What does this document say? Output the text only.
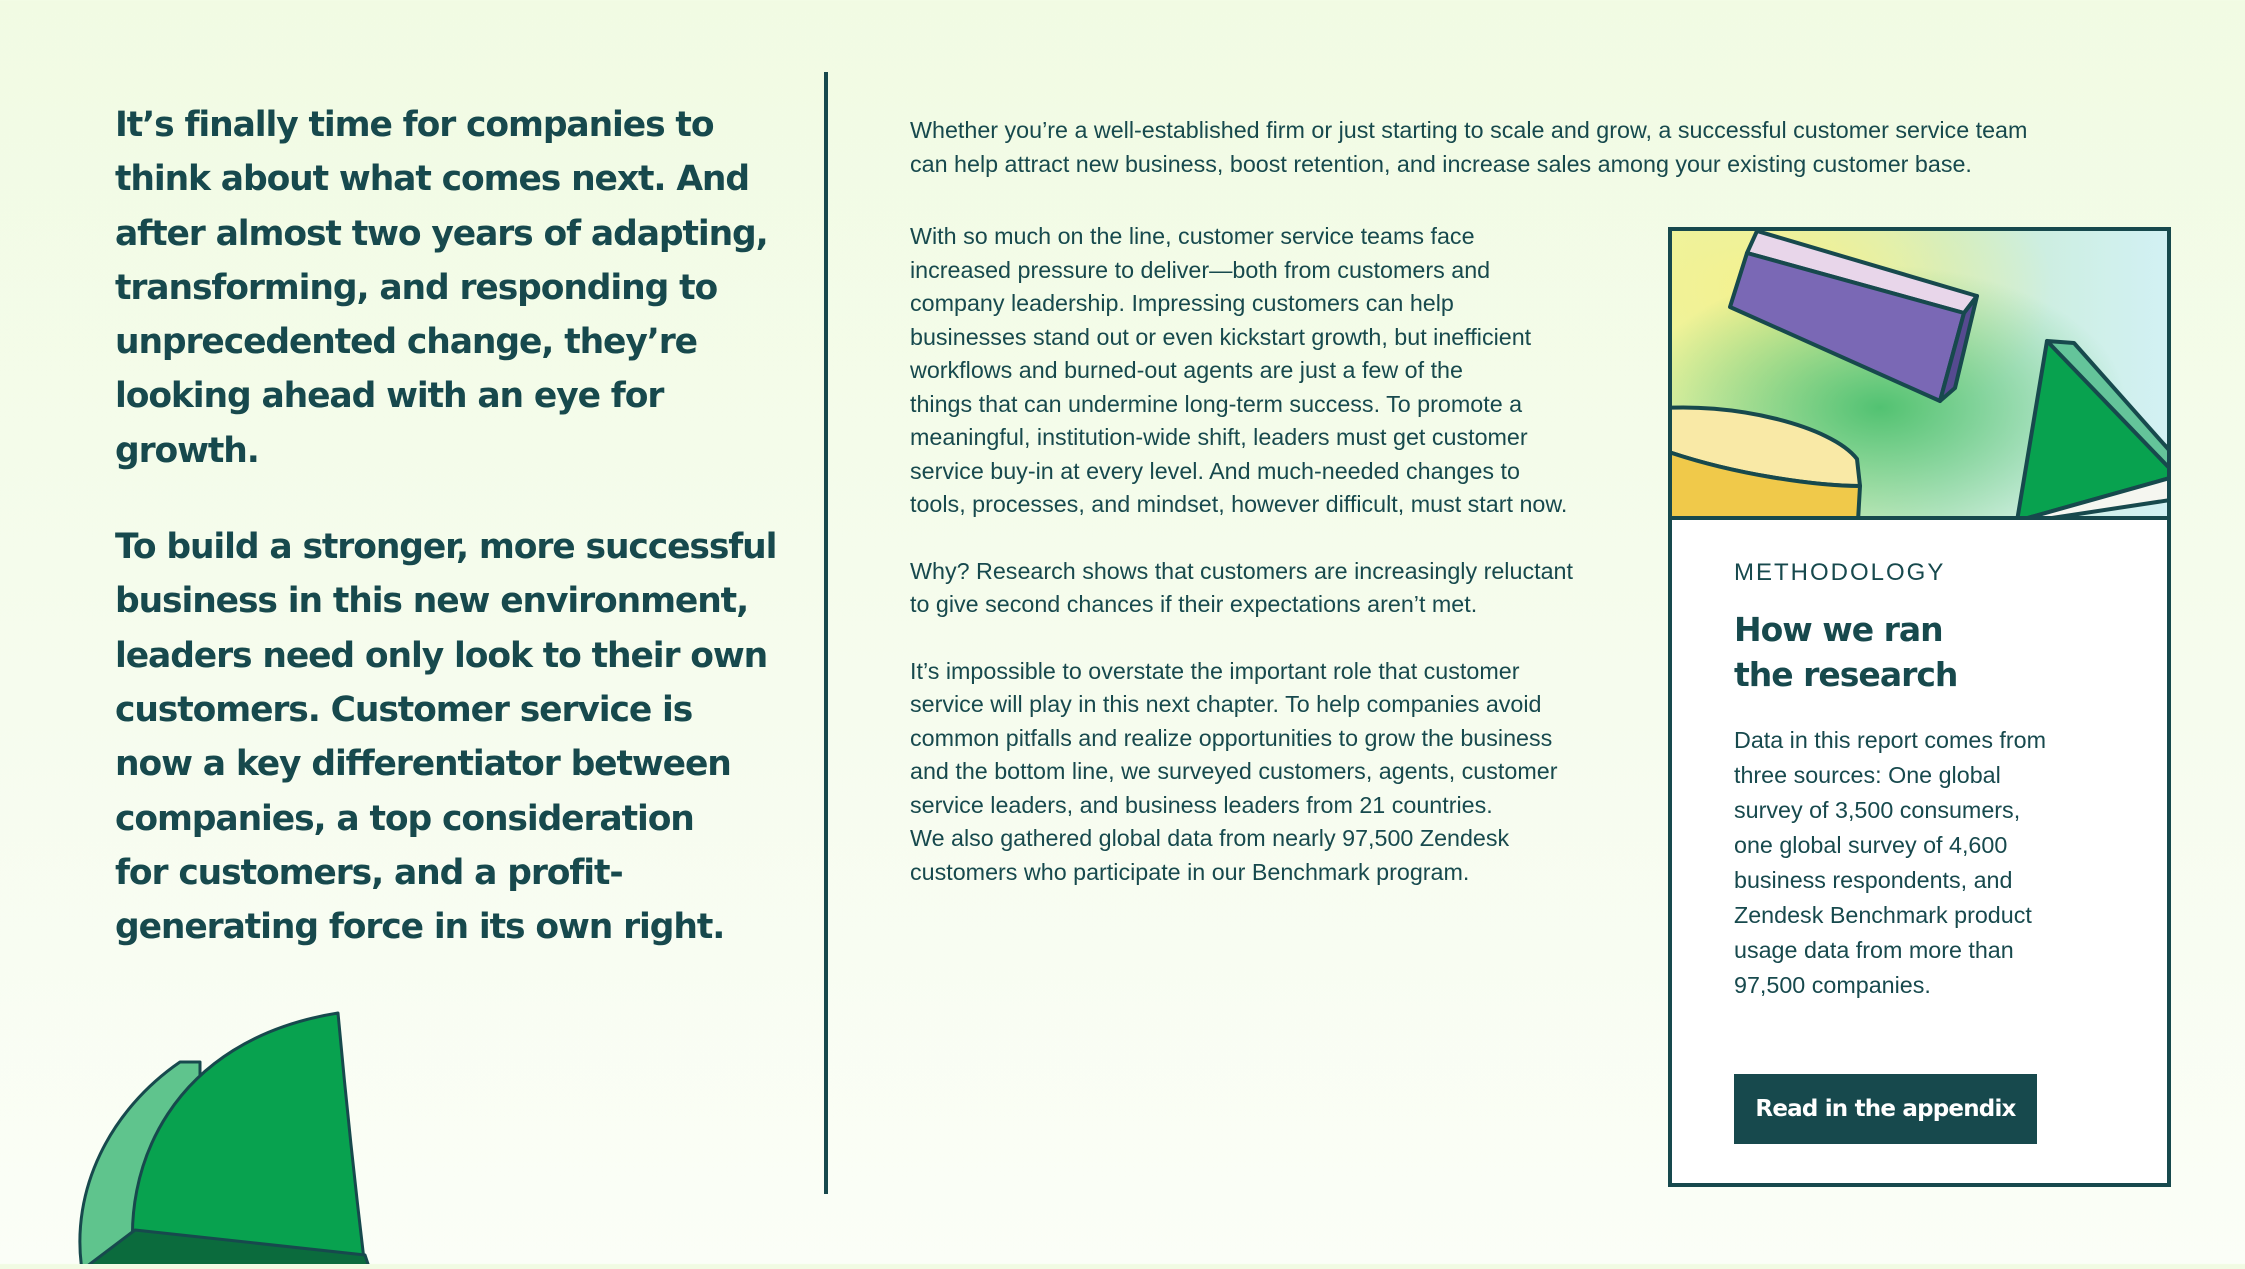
It’s finally time for companies to
think about what comes next. And
after almost two years of adapting,
transforming, and responding to
unprecedented change, they’re
looking ahead with an eye for growth.

To build a stronger, more successful
business in this new environment,
leaders need only look to their own
customers. Customer service is
now a key differentiator between
companies, a top consideration
for customers, and a profit-
generating force in its own right.

Whether you’re a well-established firm or just starting to scale and grow, a successful customer service team
can help attract new business, boost retention, and increase sales among your existing customer base.

With so much on the line, customer service teams face
increased pressure to deliver—both from customers and
company leadership. Impressing customers can help
businesses stand out or even kickstart growth, but inefficient
workflows and burned-out agents are just a few of the
things that can undermine long-term success. To promote a
meaningful, institution-wide shift, leaders must get customer
service buy-in at every level. And much-needed changes to
tools, processes, and mindset, however difficult, must start now.

Why? Research shows that customers are increasingly reluctant
to give second chances if their expectations aren’t met.

It’s impossible to overstate the important role that customer
service will play in this next chapter. To help companies avoid
common pitfalls and realize opportunities to grow the business
and the bottom line, we surveyed customers, agents, customer
service leaders, and business leaders from 21 countries.
We also gathered global data from nearly 97,500 Zendesk
customers who participate in our Benchmark program.

METHODOLOGY

How we ran
the research

Data in this report comes from
three sources: One global
survey of 3,500 consumers,
one global survey of 4,600
business respondents, and
Zendesk Benchmark product
usage data from more than
97,500 companies.

Read in the appendix
